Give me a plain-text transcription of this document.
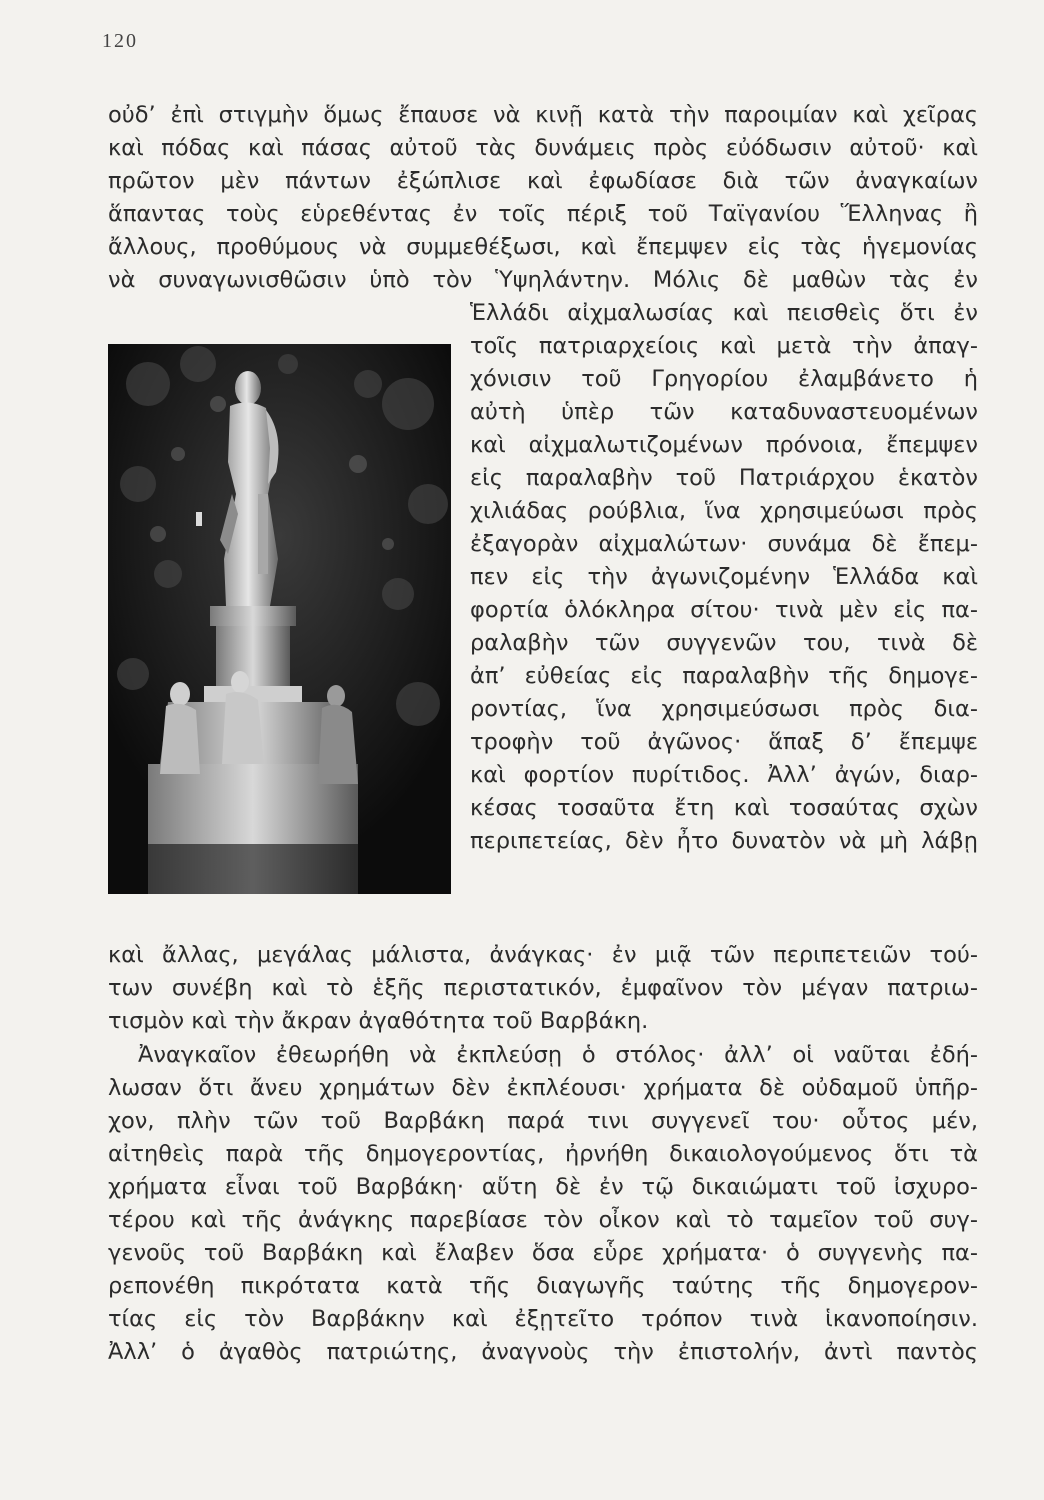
120
οὐδ’ ἐπὶ στιγμὴν ὅμως ἔπαυσε νὰ κινῇ κατὰ τὴν παροιμίαν καὶ χεῖρας
καὶ πόδας καὶ πάσας αὐτοῦ τὰς δυνάμεις πρὸς εὐόδωσιν αὐτοῦ· καὶ
πρῶτον μὲν πάντων ἐξώπλισε καὶ ἐφωδίασε διὰ τῶν ἀναγκαίων
ἅπαντας τοὺς εὑρεθέντας ἐν τοῖς πέριξ τοῦ Ταϊγανίου Ἕλληνας ἢ
ἄλλους, προθύμους νὰ συμμεθέξωσι, καὶ ἔπεμψεν εἰς τὰς ἡγεμονίας
νὰ συναγωνισθῶσιν ὑπὸ τὸν Ὑψηλάντην. Μόλις δὲ μαθὼν τὰς ἐν
Ἑλλάδι αἰχμαλωσίας καὶ πεισθεὶς ὅτι ἐν
τοῖς πατριαρχείοις καὶ μετὰ τὴν ἀπαγ-
χόνισιν τοῦ Γρηγορίου ἐλαμβάνετο ἡ
αὐτὴ ὑπὲρ τῶν καταδυναστευομένων
καὶ αἰχμαλωτιζομένων πρόνοια, ἔπεμψεν
εἰς παραλαβὴν τοῦ Πατριάρχου ἑκατὸν
χιλιάδας ρούβλια, ἵνα χρησιμεύωσι πρὸς
ἐξαγορὰν αἰχμαλώτων· συνάμα δὲ ἔπεμ-
πεν εἰς τὴν ἀγωνιζομένην Ἑλλάδα καὶ
φορτία ὁλόκληρα σίτου· τινὰ μὲν εἰς πα-
ραλαβὴν τῶν συγγενῶν του, τινὰ δὲ
ἀπ’ εὐθείας εἰς παραλαβὴν τῆς δημογε-
ροντίας, ἵνα χρησιμεύσωσι πρὸς δια-
τροφὴν τοῦ ἀγῶνος· ἅπαξ δ’ ἔπεμψε
καὶ φορτίον πυρίτιδος. Ἀλλ’ ἀγών, διαρ-
κέσας τοσαῦτα ἔτη καὶ τοσαύτας σχὼν
περιπετείας, δὲν ἦτο δυνατὸν νὰ μὴ λάβῃ
καὶ ἄλλας, μεγάλας μάλιστα, ἀνάγκας· ἐν μιᾷ τῶν περιπετειῶν τού-
των συνέβη καὶ τὸ ἑξῆς περιστατικόν, ἐμφαῖνον τὸν μέγαν πατριω-
τισμὸν καὶ τὴν ἄκραν ἀγαθότητα τοῦ Βαρβάκη.
Ἀναγκαῖον ἐθεωρήθη νὰ ἐκπλεύσῃ ὁ στόλος· ἀλλ’ οἱ ναῦται ἐδή-
λωσαν ὅτι ἄνευ χρημάτων δὲν ἐκπλέουσι· χρήματα δὲ οὐδαμοῦ ὑπῆρ-
χον, πλὴν τῶν τοῦ Βαρβάκη παρά τινι συγγενεῖ του· οὗτος μέν,
αἰτηθεὶς παρὰ τῆς δημογεροντίας, ἠρνήθη δικαιολογούμενος ὅτι τὰ
χρήματα εἶναι τοῦ Βαρβάκη· αὕτη δὲ ἐν τῷ δικαιώματι τοῦ ἰσχυρο-
τέρου καὶ τῆς ἀνάγκης παρεβίασε τὸν οἶκον καὶ τὸ ταμεῖον τοῦ συγ-
γενοῦς τοῦ Βαρβάκη καὶ ἔλαβεν ὅσα εὗρε χρήματα· ὁ συγγενὴς πα-
ρεπονέθη πικρότατα κατὰ τῆς διαγωγῆς ταύτης τῆς δημογερον-
τίας εἰς τὸν Βαρβάκην καὶ ἐξῃτεῖτο τρόπον τινὰ ἱκανοποίησιν.
Ἀλλ’ ὁ ἀγαθὸς πατριώτης, ἀναγνοὺς τὴν ἐπιστολήν, ἀντὶ παντὸς
